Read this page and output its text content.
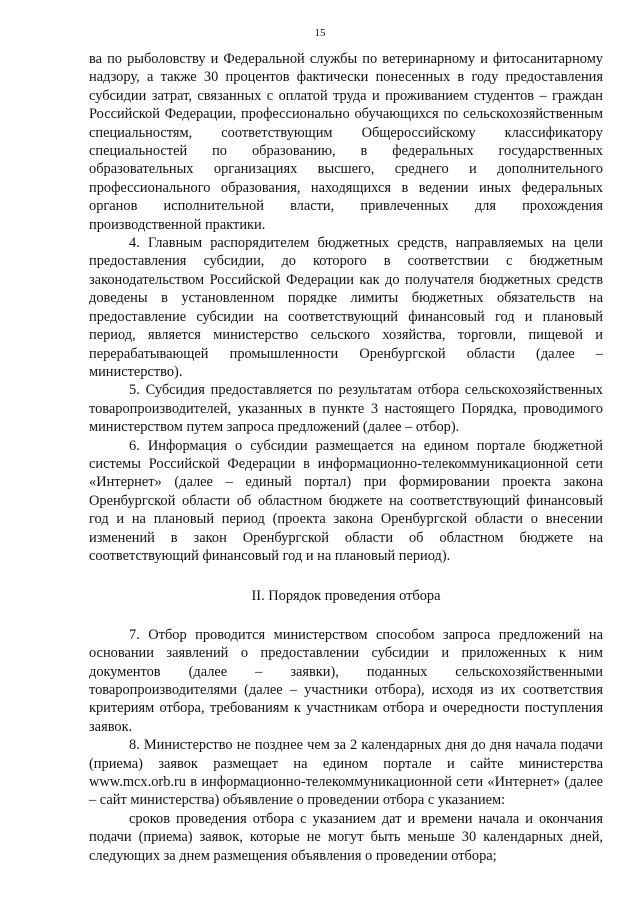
15

ва по рыболовству и Федеральной службы по ветеринарному и фитосанитарному надзору, а также 30 процентов фактически понесенных в году предоставления субсидии затрат, связанных с оплатой труда и проживанием студентов – граждан Российской Федерации, профессионально обучающихся по сельскохозяйственным специальностям, соответствующим Общероссийскому классификатору специальностей по образованию, в федеральных государственных образовательных организациях высшего, среднего и дополнительного профессионального образования, находящихся в ведении иных федеральных органов исполнительной власти, привлеченных для прохождения производственной практики.

4. Главным распорядителем бюджетных средств, направляемых на цели предоставления субсидии, до которого в соответствии с бюджетным законодательством Российской Федерации как до получателя бюджетных средств доведены в установленном порядке лимиты бюджетных обязательств на предоставление субсидии на соответствующий финансовый год и плановый период, является министерство сельского хозяйства, торговли, пищевой и перерабатывающей промышленности Оренбургской области (далее – министерство).

5. Субсидия предоставляется по результатам отбора сельскохозяйственных товаропроизводителей, указанных в пункте 3 настоящего Порядка, проводимого министерством путем запроса предложений (далее – отбор).

6. Информация о субсидии размещается на едином портале бюджетной системы Российской Федерации в информационно-телекоммуникационной сети «Интернет» (далее – единый портал) при формировании проекта закона Оренбургской области об областном бюджете на соответствующий финансовый год и на плановый период (проекта закона Оренбургской области о внесении изменений в закон Оренбургской области об областном бюджете на соответствующий финансовый год и на плановый период).

II. Порядок проведения отбора

7. Отбор проводится министерством способом запроса предложений на основании заявлений о предоставлении субсидии и приложенных к ним документов (далее – заявки), поданных сельскохозяйственными товаропроизводителями (далее – участники отбора), исходя из их соответствия критериям отбора, требованиям к участникам отбора и очередности поступления заявок.

8. Министерство не позднее чем за 2 календарных дня до дня начала подачи (приема) заявок размещает на едином портале и сайте министерства www.mcx.orb.ru в информационно-телекоммуникационной сети «Интернет» (далее – сайт министерства) объявление о проведении отбора с указанием:

сроков проведения отбора с указанием дат и времени начала и окончания подачи (приема) заявок, которые не могут быть меньше 30 календарных дней, следующих за днем размещения объявления о проведении отбора;
